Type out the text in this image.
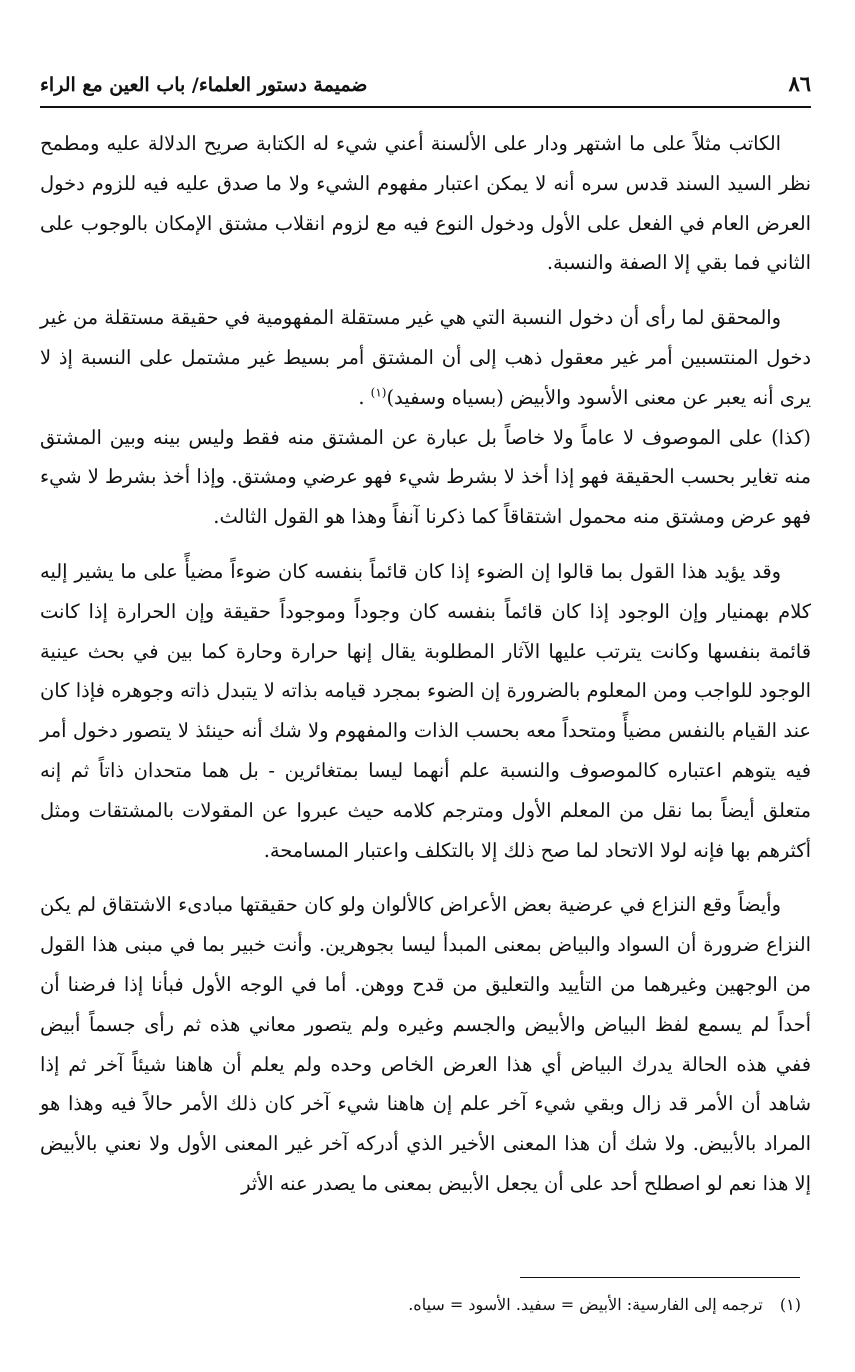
٨٦
ضميمة دستور العلماء/ باب العين مع الراء

الكاتب مثلاً على ما اشتهر ودار على الألسنة أعني شيء له الكتابة صريح الدلالة عليه ومطمح نظر السيد السند قدس سره أنه لا يمكن اعتبار مفهوم الشيء ولا ما صدق عليه فيه للزوم دخول العرض العام في الفعل على الأول ودخول النوع فيه مع لزوم انقلاب مشتق الإمكان بالوجوب على الثاني فما بقي إلا الصفة والنسبة.

والمحقق لما رأى أن دخول النسبة التي هي غير مستقلة المفهومية في حقيقة مستقلة من غير دخول المنتسبين أمر غير معقول ذهب إلى أن المشتق أمر بسيط غير مشتمل على النسبة إذ لا يرى أنه يعبر عن معنى الأسود والأبيض (بسياه وسفيد)$^{(١)}$ .

(كذا) على الموصوف لا عاماً ولا خاصاً بل عبارة عن المشتق منه فقط وليس بينه وبين المشتق منه تغاير بحسب الحقيقة فهو إذا أخذ لا بشرط شيء فهو عرضي ومشتق. وإذا أخذ بشرط لا شيء فهو عرض ومشتق منه محمول اشتقاقاً كما ذكرنا آنفاً وهذا هو القول الثالث.

وقد يؤيد هذا القول بما قالوا إن الضوء إذا كان قائماً بنفسه كان ضوءاً مضيأً على ما يشير إليه كلام بهمنيار وإن الوجود إذا كان قائماً بنفسه كان وجوداً وموجوداً حقيقة وإن الحرارة إذا كانت قائمة بنفسها وكانت يترتب عليها الآثار المطلوبة يقال إنها حرارة وحارة كما بين في بحث عينية الوجود للواجب ومن المعلوم بالضرورة إن الضوء بمجرد قيامه بذاته لا يتبدل ذاته وجوهره فإذا كان عند القيام بالنفس مضيأً ومتحداً معه بحسب الذات والمفهوم ولا شك أنه حينئذ لا يتصور دخول أمر فيه يتوهم اعتباره كالموصوف والنسبة علم أنهما ليسا بمتغائرين - بل هما متحدان ذاتاً ثم إنه متعلق أيضاً بما نقل من المعلم الأول ومترجم كلامه حيث عبروا عن المقولات بالمشتقات ومثل أكثرهم بها فإنه لولا الاتحاد لما صح ذلك إلا بالتكلف واعتبار المسامحة.

وأيضاً وقع النزاع في عرضية بعض الأعراض كالألوان ولو كان حقيقتها مبادىء الاشتقاق لم يكن النزاع ضرورة أن السواد والبياض بمعنى المبدأ ليسا بجوهرين. وأنت خبير بما في مبنى هذا القول من الوجهين وغيرهما من التأييد والتعليق من قدح ووهن. أما في الوجه الأول فبأنا إذا فرضنا أن أحداً لم يسمع لفظ البياض والأبيض والجسم وغيره ولم يتصور معاني هذه ثم رأى جسماً أبيض ففي هذه الحالة يدرك البياض أي هذا العرض الخاص وحده ولم يعلم أن هاهنا شيئاً آخر ثم إذا شاهد أن الأمر قد زال وبقي شيء آخر علم إن هاهنا شيء آخر كان ذلك الأمر حالاً فيه وهذا هو المراد بالأبيض. ولا شك أن هذا المعنى الأخير الذي أدركه آخر غير المعنى الأول ولا نعني بالأبيض إلا هذا نعم لو اصطلح أحد على أن يجعل الأبيض بمعنى ما يصدر عنه الأثر

(١) ترجمه إلى الفارسية: الأبيض = سفيد. الأسود = سياه.
